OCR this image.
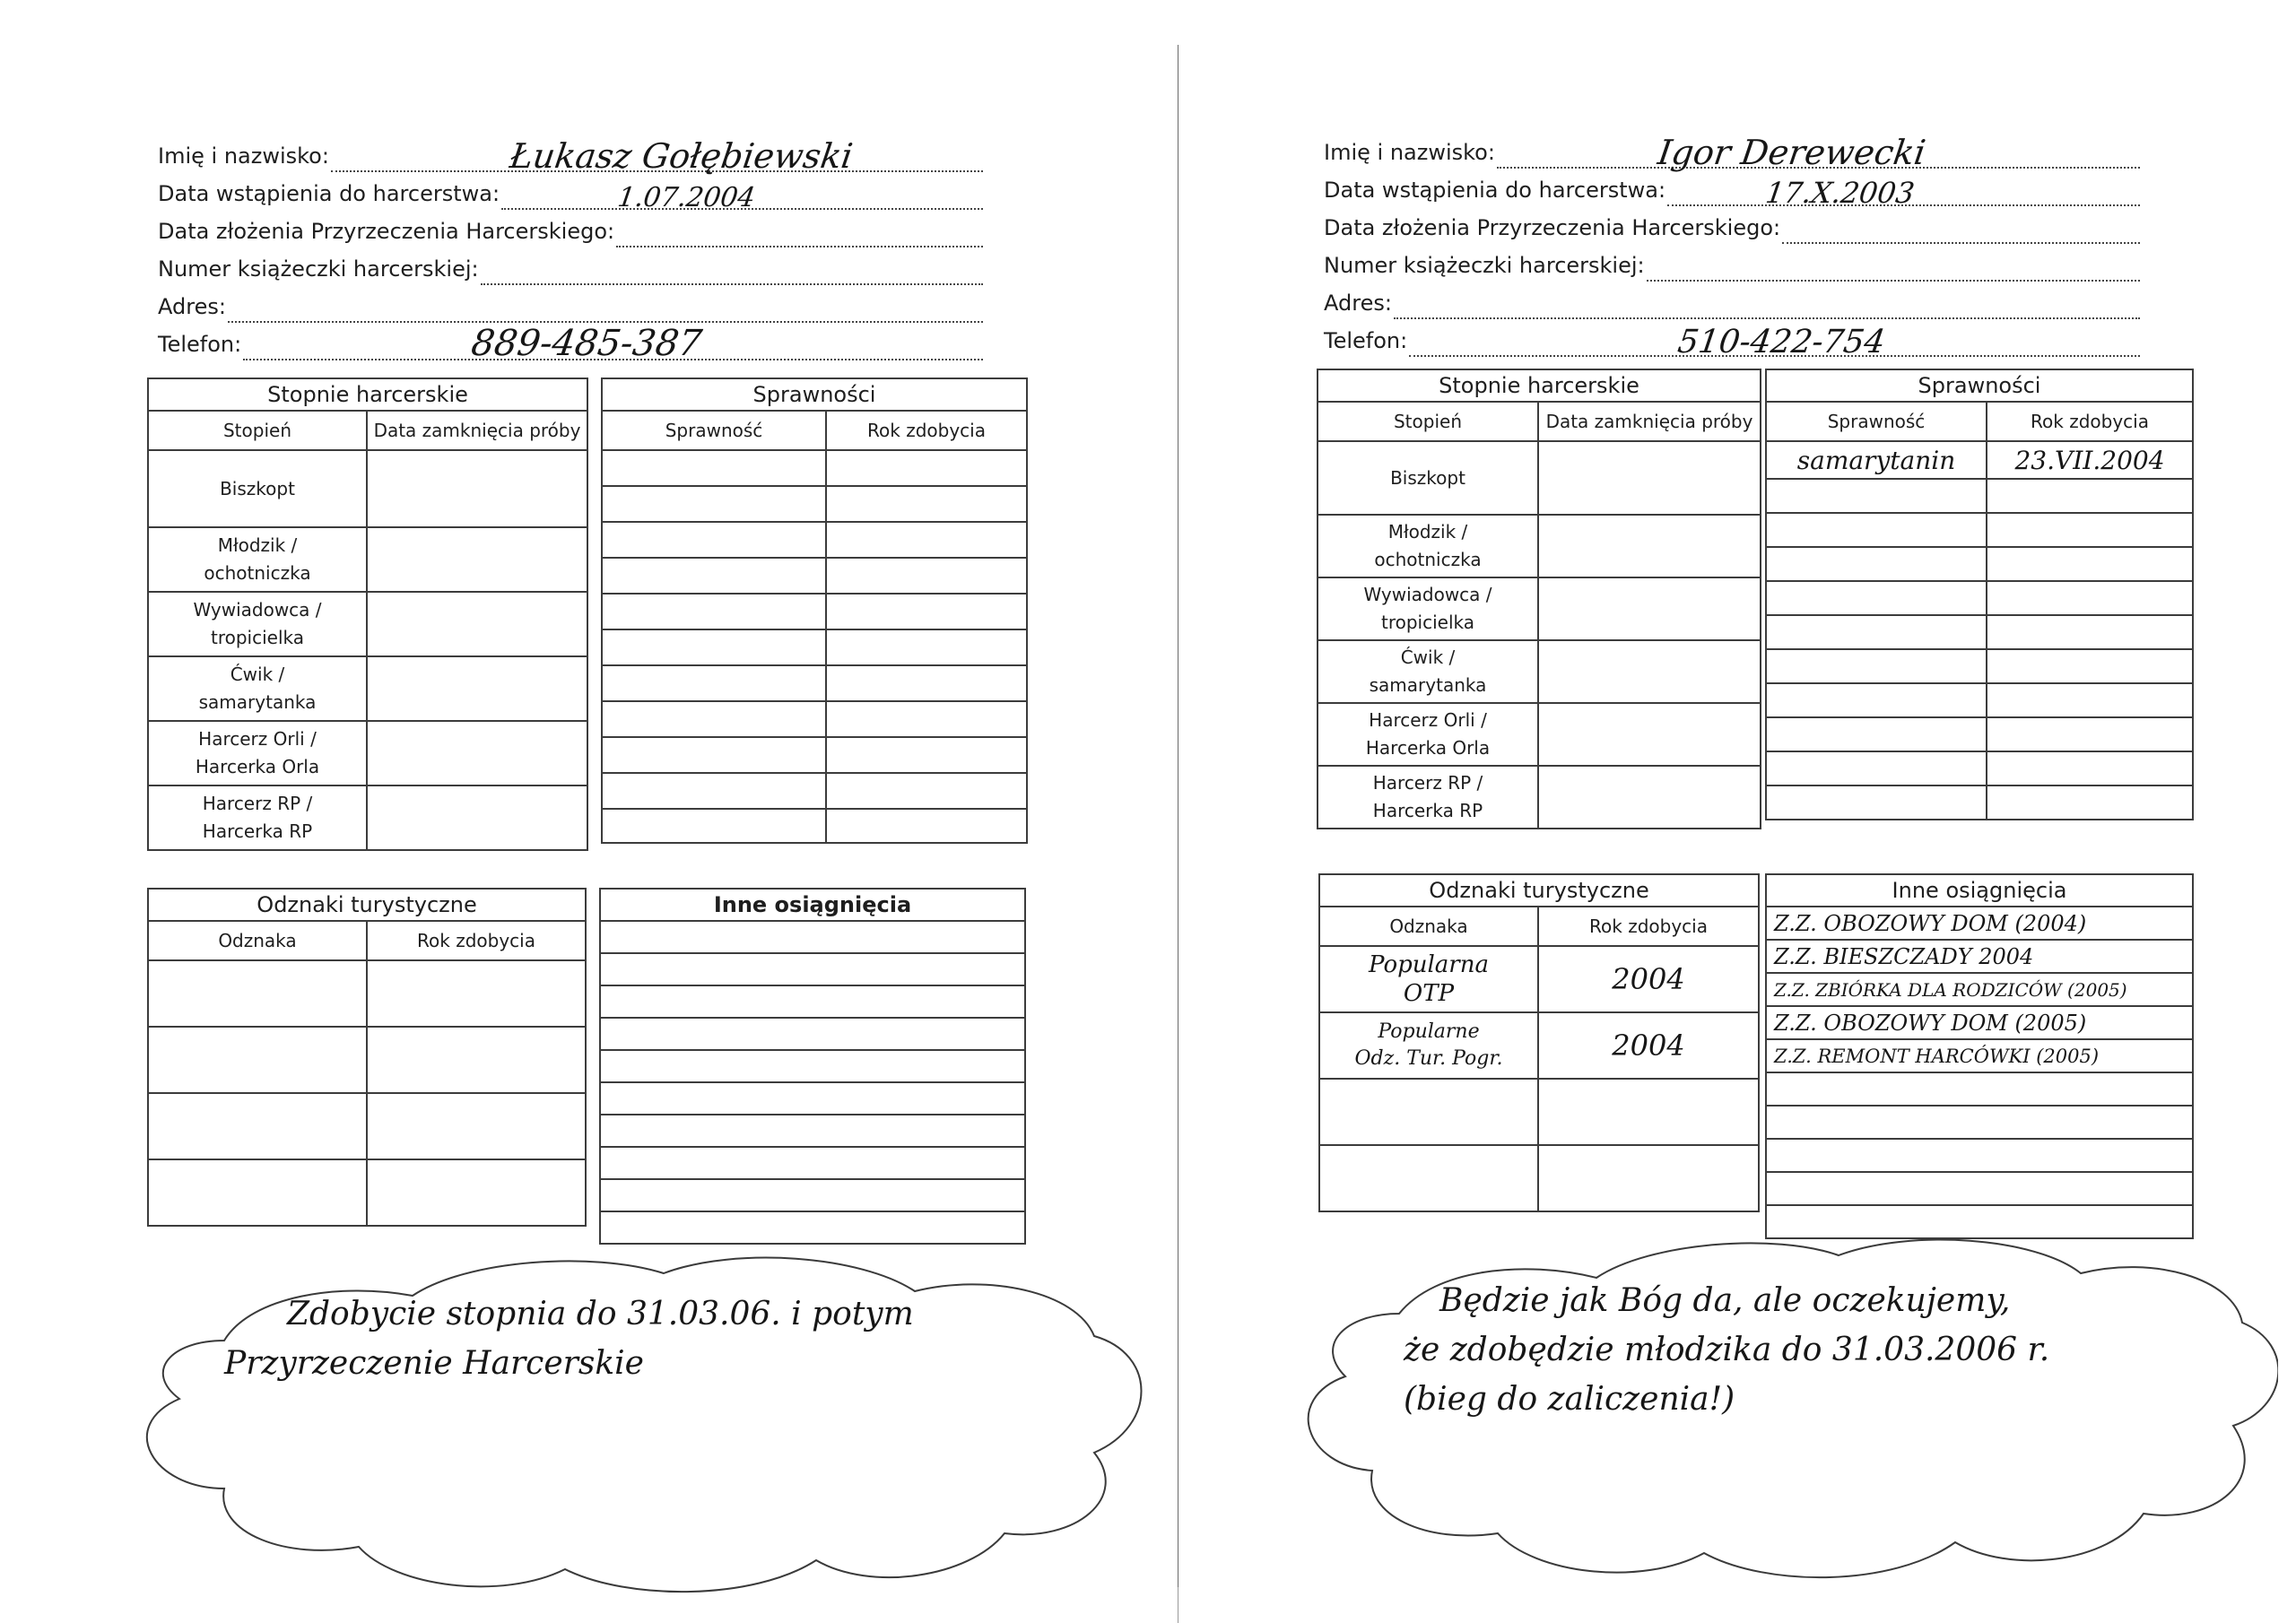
Imię i nazwisko:	Łukasz Gołębiewski
Data wstąpienia do harcerstwa:	1.07.2004
Data złożenia Przyrzeczenia Harcerskiego:
Numer książeczki harcerskiej:
Adres:
Telefon:	889-485-387
Stopnie harcerskie	
Stopień	Data zamknięcia próby
Biszkopt	
Młodzik /
ochotniczka	
Wywiadowca /
tropicielka	
Ćwik /
samarytanka	
Harcerz Orli /
Harcerka Orla	
Harcerz RP /
Harcerka RP	
Sprawności	
Sprawność	Rok zdobycia

Odznaki turystyczne	
Odznaka	Rok zdobycia

Inne osiągnięcia

Zdobycie stopnia do 31.03.06. i potym
Przyrzeczenie Harcerskie
Imię i nazwisko:	Igor Derewecki
Data wstąpienia do harcerstwa:	17.X.2003
Data złożenia Przyrzeczenia Harcerskiego:
Numer książeczki harcerskiej:
Adres:
Telefon:	510-422-754
Stopnie harcerskie	
Stopień	Data zamknięcia próby
Biszkopt	
Młodzik /
ochotniczka	
Wywiadowca /
tropicielka	
Ćwik /
samarytanka	
Harcerz Orli /
Harcerka Orla	
Harcerz RP /
Harcerka RP	
Sprawności	
Sprawność	Rok zdobycia
samarytanin	23.VII.2004

Odznaki turystyczne	
Odznaka	Rok zdobycia
Popularna
OTP	2004
Popularne
Odz. Tur. Pogr.	2004

Inne osiągnięcia
Z.Z. OBOZOWY DOM (2004)
Z.Z. BIESZCZADY 2004
Z.Z. ZBIÓRKA DLA RODZICÓW (2005)
Z.Z. OBOZOWY DOM (2005)
Z.Z. REMONT HARCÓWKI (2005)

Będzie jak Bóg da, ale oczekujemy,
że zdobędzie młodzika do 31.03.2006 r.
(bieg do zaliczenia!)
